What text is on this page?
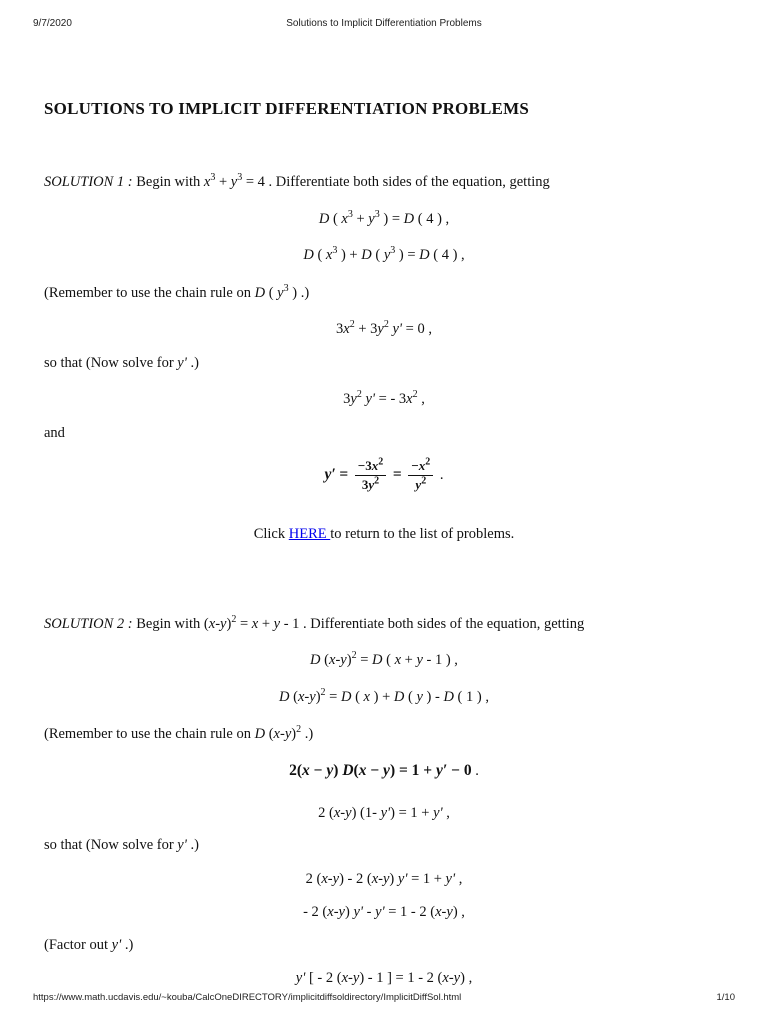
9/7/2020	Solutions to Implicit Differentiation Problems
SOLUTIONS TO IMPLICIT DIFFERENTIATION PROBLEMS
SOLUTION 1 : Begin with $x^3 + y^3 = 4$ . Differentiate both sides of the equation, getting
D ( $x^3 + y^3$ ) = D ( 4 ) ,
D ( $x^3$ ) + D ( $y^3$ ) = D ( 4 ) ,
(Remember to use the chain rule on D ( $y^3$ ) .)
$3x^2 + 3y^2$ y' = 0 ,
so that (Now solve for y' .)
$3y^2$ y' = - $3x^2$ ,
and
$y' = \frac{-3x^2}{3y^2} = \frac{-x^2}{y^2}$ .
Click HERE to return to the list of problems.
SOLUTION 2 : Begin with $(x-y)^2 = x + y - 1$ . Differentiate both sides of the equation, getting
D $(x-y)^2 = D$ ( x + y - 1 ) ,
D $(x-y)^2 = D$ ( x ) + D ( y ) - D ( 1 ) ,
(Remember to use the chain rule on D $(x-y)^2$ .)
2(x − y) D(x − y) = 1 + y′ − 0 .
2 (x-y) (1- y') = 1 + y' ,
so that (Now solve for y' .)
2 (x-y) - 2 (x-y) y' = 1 + y' ,
- 2 (x-y) y' - y' = 1 - 2 (x-y) ,
(Factor out y' .)
y' [ - 2 (x-y) - 1 ] = 1 - 2 (x-y) ,
https://www.math.ucdavis.edu/~kouba/CalcOneDIRECTORY/implicitdiffsoldirectory/ImplicitDiffSol.html	1/10
